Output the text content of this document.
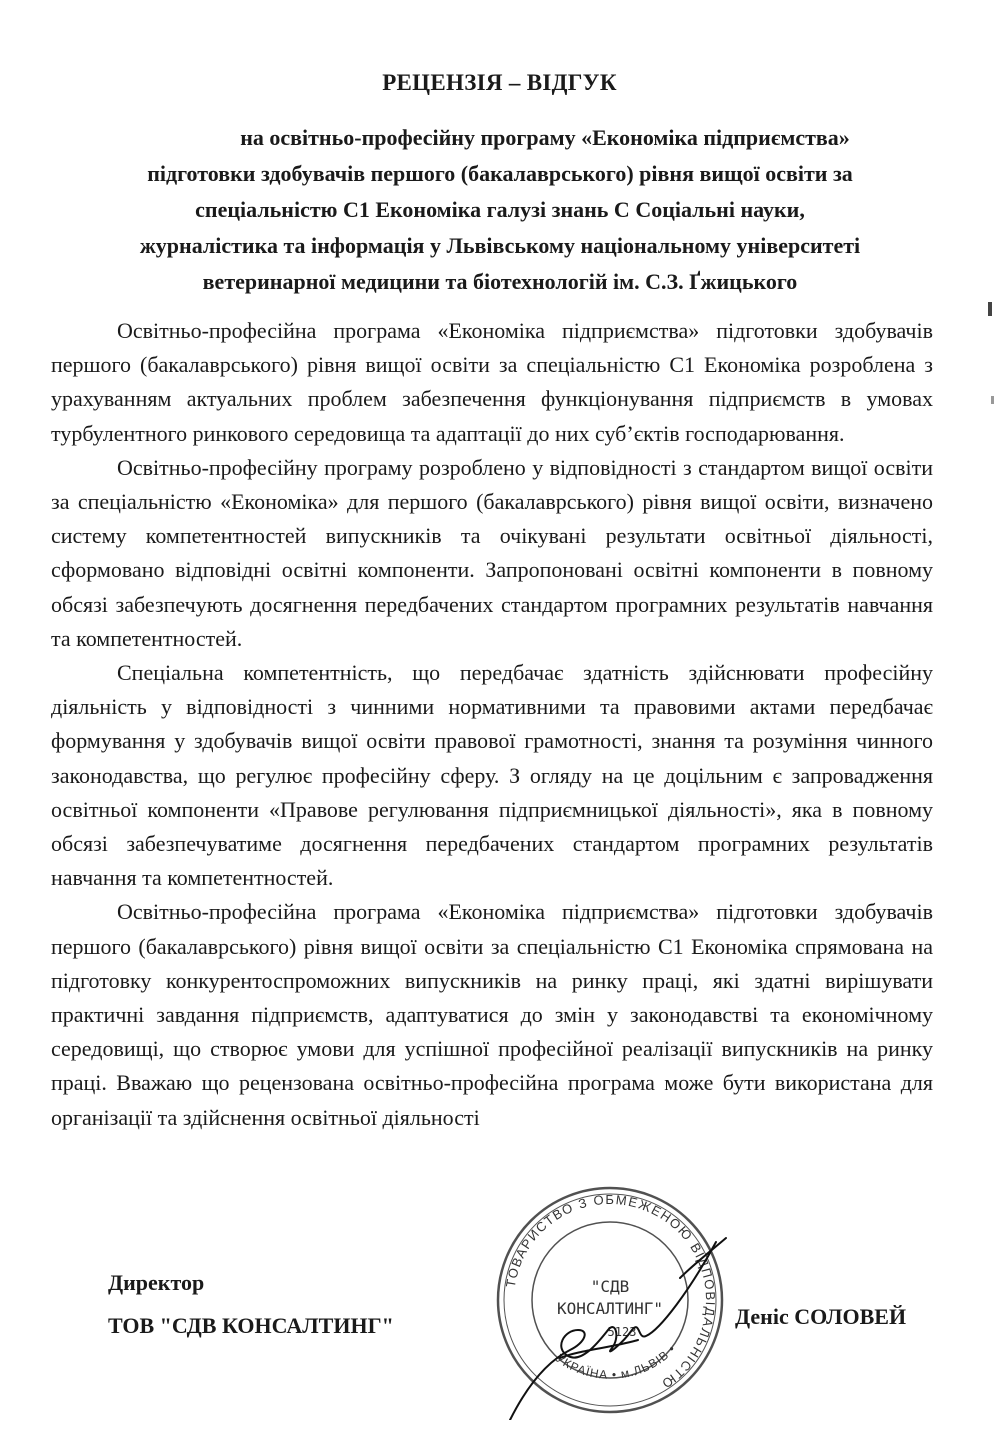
РЕЦЕНЗІЯ – ВІДГУК
на освітньо-професійну програму «Економіка підприємства»
підготовки здобувачів першого (бакалаврського) рівня вищої освіти за
спеціальністю С1 Економіка галузі знань С Соціальні науки,
журналістика та інформація у Львівському національному університеті
ветеринарної медицини та біотехнологій ім. С.З. Ґжицького

Освітньо-професійна програма «Економіка підприємства» підготовки здобувачів першого (бакалаврського) рівня вищої освіти за спеціальністю С1 Економіка розроблена з урахуванням актуальних проблем забезпечення функціонування підприємств в умовах турбулентного ринкового середовища та адаптації до них суб’єктів господарювання.

Освітньо-професійну програму розроблено у відповідності з стандартом вищої освіти за спеціальністю «Економіка» для першого (бакалаврського) рівня вищої освіти, визначено систему компетентностей випускників та очікувані результати освітньої діяльності, сформовано відповідні освітні компоненти. Запропоновані освітні компоненти в повному обсязі забезпечують досягнення передбачених стандартом програмних результатів навчання та компетентностей.

Спеціальна компетентність, що передбачає здатність здійснювати професійну діяльність у відповідності з чинними нормативними та правовими актами передбачає формування у здобувачів вищої освіти правової грамотності, знання та розуміння чинного законодавства, що регулює професійну сферу. З огляду на це доцільним є запровадження освітньої компоненти «Правове регулювання підприємницької діяльності», яка в повному обсязі забезпечуватиме досягнення передбачених стандартом програмних результатів навчання та компетентностей.

Освітньо-професійна програма «Економіка підприємства» підготовки здобувачів першого (бакалаврського) рівня вищої освіти за спеціальністю С1 Економіка спрямована на підготовку конкурентоспроможних випускників на ринку праці, які здатні вирішувати практичні завдання підприємств, адаптуватися до змін у законодавстві та економічному середовищі, що створює умови для успішної професійної реалізації випускників на ринку праці. Вважаю що рецензована освітньо-професійна програма може бути використана для організації та здійснення освітньої діяльності

Директор
ТОВ "СДВ КОНСАЛТИНГ"	Деніс СОЛОВЕЙ
ТОВАРИСТВО З ОБМЕЖЕНОЮ ВІДПОВІДАЛЬНІСТЮ
УКРАЇНА • м.ЛЬВІВ •
"СДВ
КОНСАЛТИНГ"
5123
